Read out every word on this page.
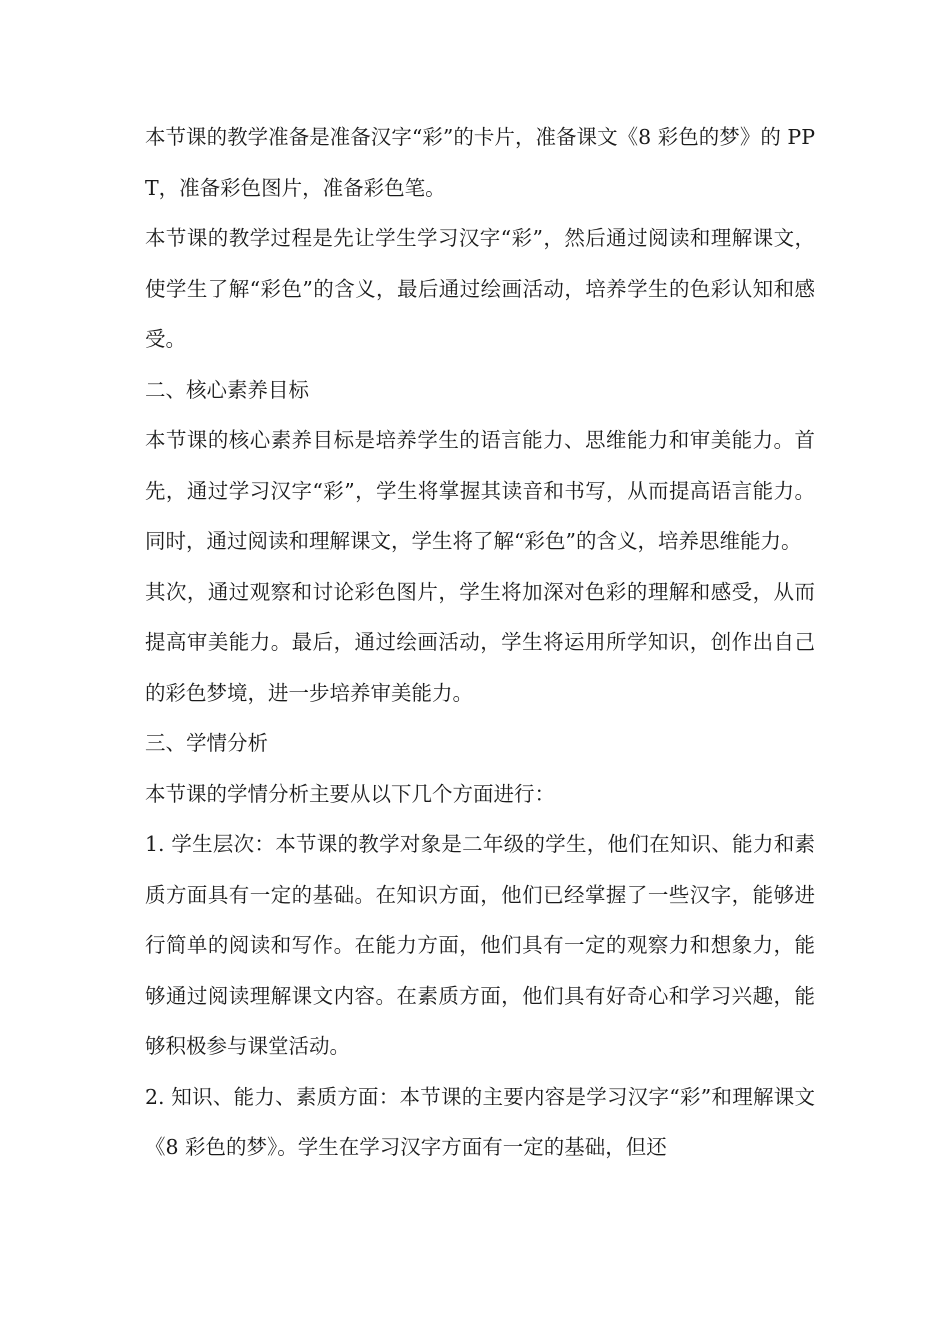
本节课的教学准备是准备汉字“彩”的卡片，准备课文《8 彩色的梦》的 PPT，准备彩色图片，准备彩色笔。

本节课的教学过程是先让学生学习汉字“彩”，然后通过阅读和理解课文，使学生了解“彩色”的含义，最后通过绘画活动，培养学生的色彩认知和感受。

二、核心素养目标

本节课的核心素养目标是培养学生的语言能力、思维能力和审美能力。首先，通过学习汉字“彩”，学生将掌握其读音和书写，从而提高语言能力。同时，通过阅读和理解课文，学生将了解“彩色”的含义，培养思维能力。

其次，通过观察和讨论彩色图片，学生将加深对色彩的理解和感受，从而提高审美能力。最后，通过绘画活动，学生将运用所学知识，创作出自己的彩色梦境，进一步培养审美能力。

三、学情分析

本节课的学情分析主要从以下几个方面进行：

1. 学生层次：本节课的教学对象是二年级的学生，他们在知识、能力和素质方面具有一定的基础。在知识方面，他们已经掌握了一些汉字，能够进行简单的阅读和写作。在能力方面，他们具有一定的观察力和想象力，能够通过阅读理解课文内容。在素质方面，他们具有好奇心和学习兴趣，能够积极参与课堂活动。

2. 知识、能力、素质方面：本节课的主要内容是学习汉字“彩”和理解课文《8 彩色的梦》。学生在学习汉字方面有一定的基础，但还
